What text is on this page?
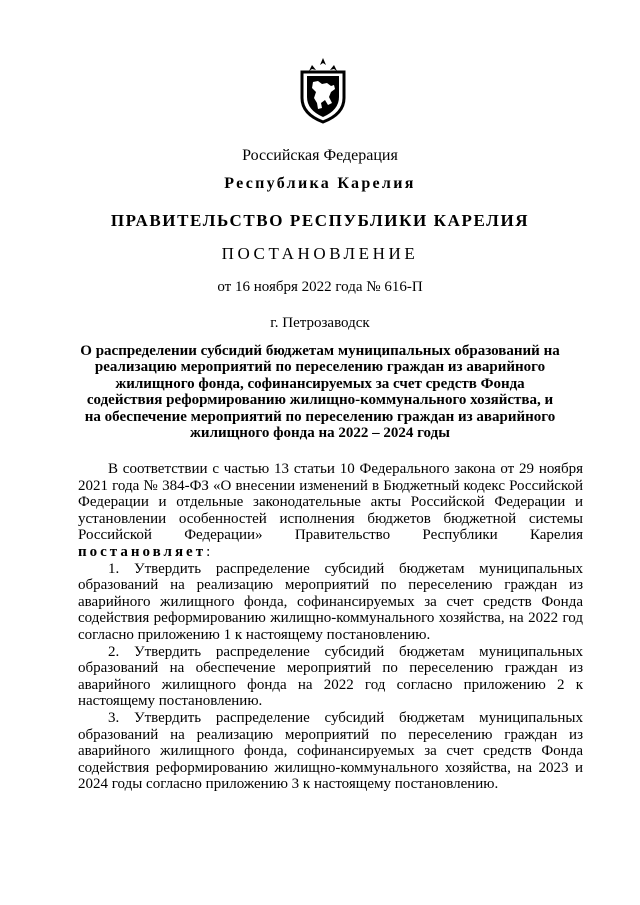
Российская Федерация
Республика Карелия
ПРАВИТЕЛЬСТВО РЕСПУБЛИКИ КАРЕЛИЯ
ПОСТАНОВЛЕНИЕ
от 16 ноября 2022 года № 616-П
г. Петрозаводск
О распределении субсидий бюджетам муниципальных образований на реализацию мероприятий по переселению граждан из аварийного жилищного фонда, софинансируемых за счет средств Фонда содействия реформированию жилищно-коммунального хозяйства, и на обеспечение мероприятий по переселению граждан из аварийного жилищного фонда на 2022 – 2024 годы

В соответствии с частью 13 статьи 10 Федерального закона от 29 ноября 2021 года № 384-ФЗ «О внесении изменений в Бюджетный кодекс Российской Федерации и отдельные законодательные акты Российской Федерации и установлении особенностей исполнения бюджетов бюджетной системы Российской Федерации» Правительство Республики Карелия постановляет:

1. Утвердить распределение субсидий бюджетам муниципальных образований на реализацию мероприятий по переселению граждан из аварийного жилищного фонда, софинансируемых за счет средств Фонда содействия реформированию жилищно-коммунального хозяйства, на 2022 год согласно приложению 1 к настоящему постановлению.

2. Утвердить распределение субсидий бюджетам муниципальных образований на обеспечение мероприятий по переселению граждан из аварийного жилищного фонда на 2022 год согласно приложению 2 к настоящему постановлению.

3. Утвердить распределение субсидий бюджетам муниципальных образований на реализацию мероприятий по переселению граждан из аварийного жилищного фонда, софинансируемых за счет средств Фонда содействия реформированию жилищно-коммунального хозяйства, на 2023 и 2024 годы согласно приложению 3 к настоящему постановлению.
